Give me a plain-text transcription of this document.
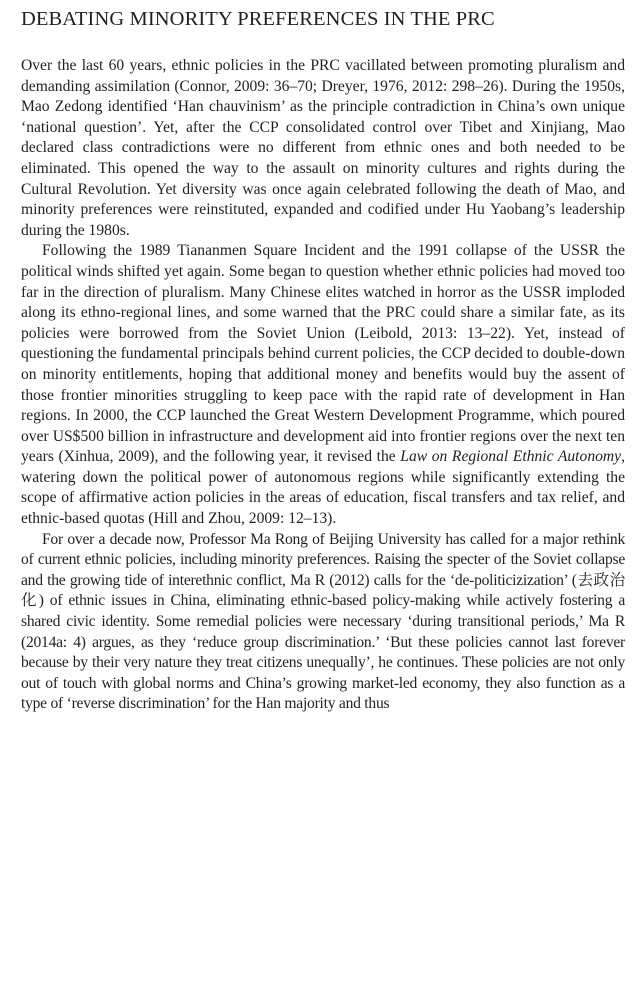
DEBATING MINORITY PREFERENCES IN THE PRC

Over the last 60 years, ethnic policies in the PRC vacillated between promoting pluralism and demanding assimilation (Connor, 2009: 36–70; Dreyer, 1976, 2012: 298–26). During the 1950s, Mao Zedong identified ‘Han chauvinism’ as the principle contradiction in China’s own unique ‘national question’. Yet, after the CCP consolidated control over Tibet and Xinjiang, Mao declared class contradictions were no different from ethnic ones and both needed to be eliminated. This opened the way to the assault on minority cultures and rights during the Cultural Revolution. Yet diversity was once again celebrated following the death of Mao, and minority preferences were reinstituted, expanded and codified under Hu Yaobang’s leadership during the 1980s.

Following the 1989 Tiananmen Square Incident and the 1991 collapse of the USSR the political winds shifted yet again. Some began to question whether ethnic policies had moved too far in the direction of pluralism. Many Chinese elites watched in horror as the USSR imploded along its ethno-regional lines, and some warned that the PRC could share a similar fate, as its policies were borrowed from the Soviet Union (Leibold, 2013: 13–22). Yet, instead of questioning the fundamental principals behind current policies, the CCP decided to double-down on minority entitlements, hoping that additional money and benefits would buy the assent of those frontier minorities struggling to keep pace with the rapid rate of development in Han regions. In 2000, the CCP launched the Great Western Development Programme, which poured over US$500 billion in infrastructure and development aid into frontier regions over the next ten years (Xinhua, 2009), and the following year, it revised the Law on Regional Ethnic Autonomy, watering down the political power of autonomous regions while significantly extending the scope of affirmative action policies in the areas of education, fiscal transfers and tax relief, and ethnic-based quotas (Hill and Zhou, 2009: 12–13).

For over a decade now, Professor Ma Rong of Beijing University has called for a major rethink of current ethnic policies, including minority preferences. Raising the specter of the Soviet collapse and the growing tide of interethnic conflict, Ma R (2012) calls for the ‘de-politicizization’ (去政治化) of ethnic issues in China, eliminating ethnic-based policy-making while actively fostering a shared civic identity. Some remedial policies were necessary ‘during transitional periods,’ Ma R (2014a: 4) argues, as they ‘reduce group discrimination.’ ‘But these policies cannot last forever because by their very nature they treat citizens unequally’, he continues. These policies are not only out of touch with global norms and China’s growing market-led economy, they also function as a type of ‘reverse discrimination’ for the Han majority and thus
